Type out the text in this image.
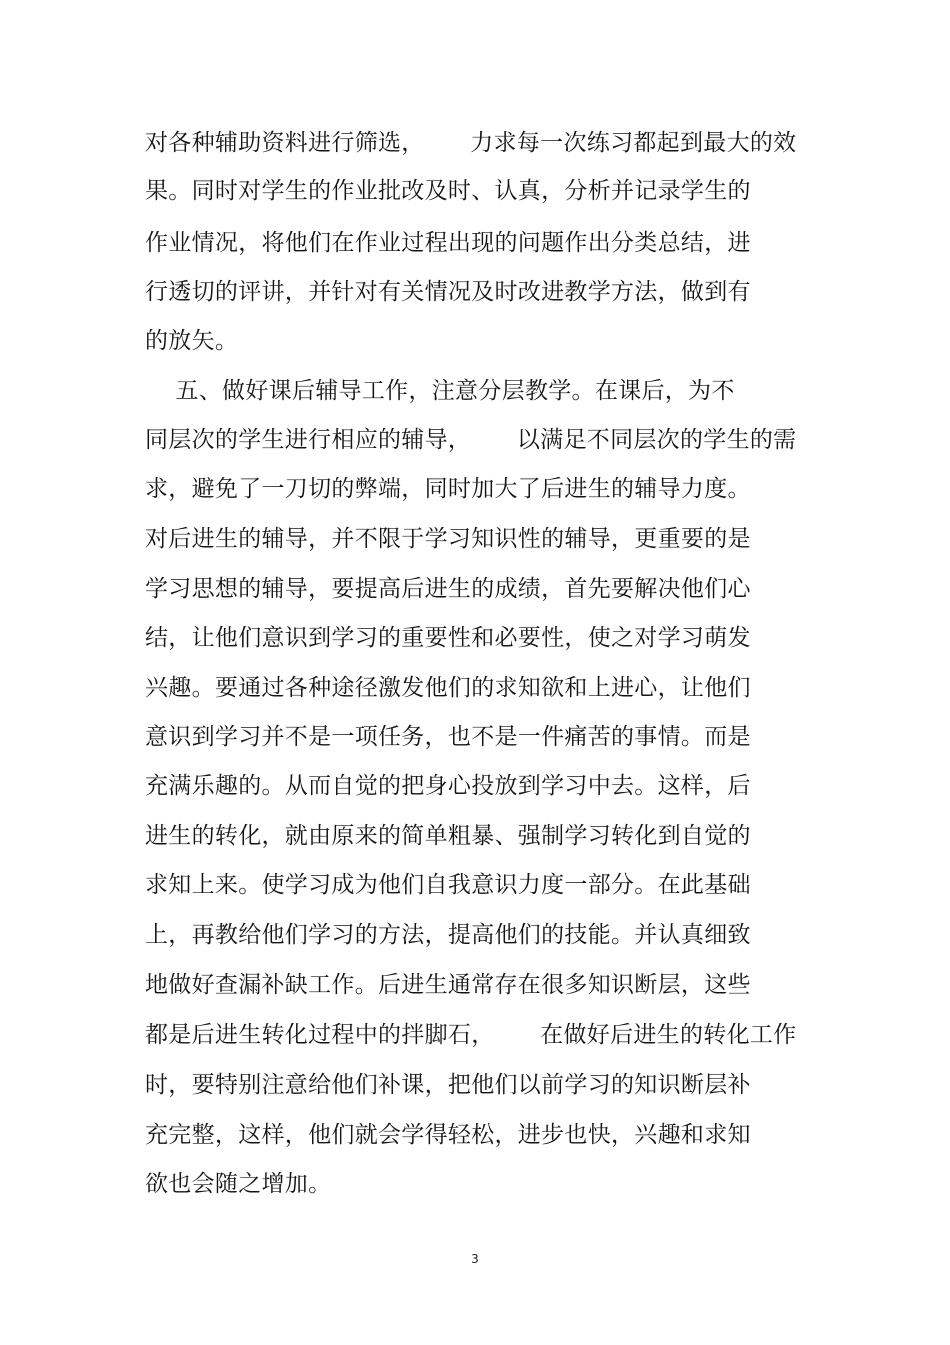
对各种辅助资料进行筛选，      力求每一次练习都起到最大的效
果。同时对学生的作业批改及时、认真，分析并记录学生的
作业情况，将他们在作业过程出现的问题作出分类总结，进
行透切的评讲，并针对有关情况及时改进教学方法，做到有
的放矢。
五、做好课后辅导工作，注意分层教学。在课后，为不
同层次的学生进行相应的辅导，      以满足不同层次的学生的需
求，避免了一刀切的弊端，同时加大了后进生的辅导力度。
对后进生的辅导，并不限于学习知识性的辅导，更重要的是
学习思想的辅导，要提高后进生的成绩，首先要解决他们心
结，让他们意识到学习的重要性和必要性，使之对学习萌发
兴趣。要通过各种途径激发他们的求知欲和上进心，让他们
意识到学习并不是一项任务，也不是一件痛苦的事情。而是
充满乐趣的。从而自觉的把身心投放到学习中去。这样，后
进生的转化，就由原来的简单粗暴、强制学习转化到自觉的
求知上来。使学习成为他们自我意识力度一部分。在此基础
上，再教给他们学习的方法，提高他们的技能。并认真细致
地做好查漏补缺工作。后进生通常存在很多知识断层，这些
都是后进生转化过程中的拌脚石，      在做好后进生的转化工作
时，要特别注意给他们补课，把他们以前学习的知识断层补
充完整，这样，他们就会学得轻松，进步也快，兴趣和求知
欲也会随之增加。
3
